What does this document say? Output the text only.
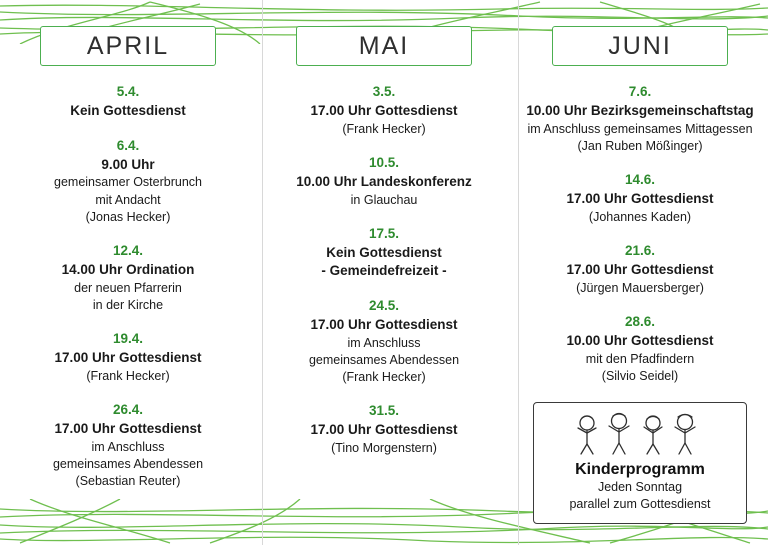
APRIL
5.4.
Kein Gottesdienst
6.4.
9.00 Uhr
gemeinsamer Osterbrunch
mit Andacht
(Jonas Hecker)
12.4.
14.00 Uhr Ordination
der neuen Pfarrerin
in der Kirche
19.4.
17.00 Uhr Gottesdienst
(Frank Hecker)
26.4.
17.00 Uhr Gottesdienst
im Anschluss
gemeinsames Abendessen
(Sebastian Reuter)
MAI
3.5.
17.00 Uhr Gottesdienst
(Frank Hecker)
10.5.
10.00 Uhr Landeskonferenz
in Glauchau
17.5.
Kein Gottesdienst
- Gemeindefreizeit -
24.5.
17.00 Uhr Gottesdienst
im Anschluss
gemeinsames Abendessen
(Frank Hecker)
31.5.
17.00 Uhr Gottesdienst
(Tino Morgenstern)
JUNI
7.6.
10.00 Uhr Bezirksgemeinschaftstag
im Anschluss gemeinsames Mittagessen
(Jan Ruben Mößinger)
14.6.
17.00 Uhr Gottesdienst
(Johannes Kaden)
21.6.
17.00 Uhr Gottesdienst
(Jürgen Mauersberger)
28.6.
10.00 Uhr Gottesdienst
mit den Pfadfindern
(Silvio Seidel)
Kinderprogramm
Jeden Sonntag
parallel zum Gottesdienst
